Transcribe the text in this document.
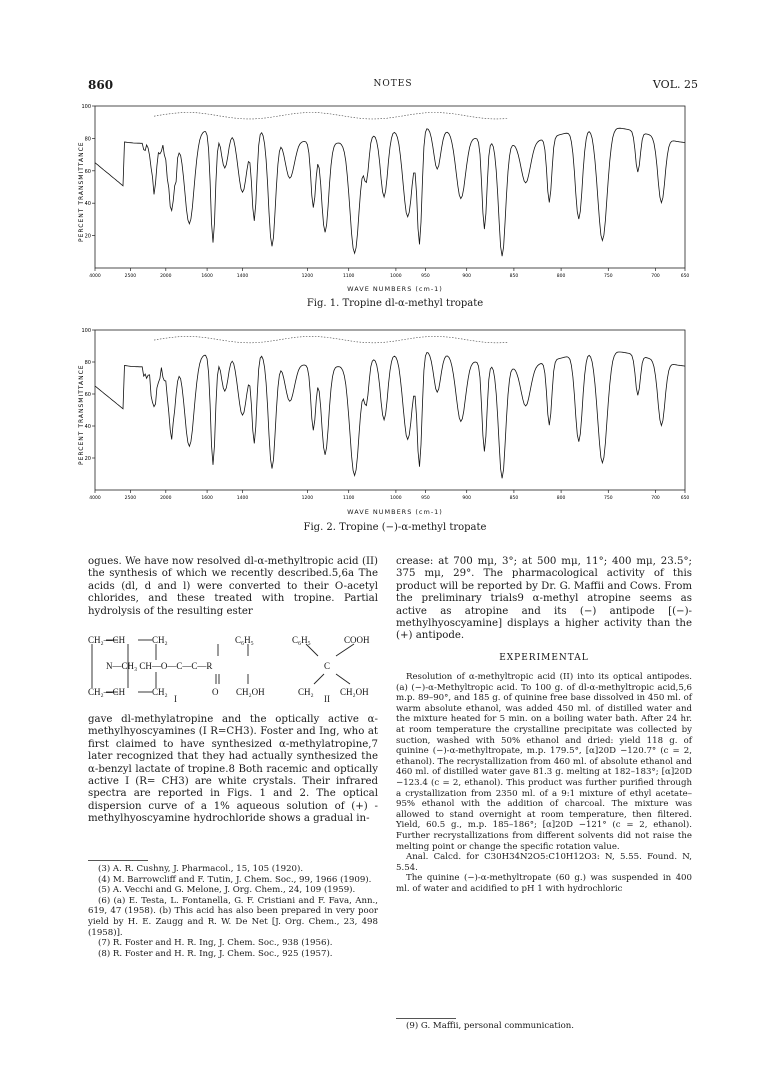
860	NOTES	VOL. 25
100
80
60
40
20
PERCENT TRANSMITTANCE
4000	2500	2000	1600	1400	1200	1100	1000	950	900	850	800	750	700	650
WAVE NUMBERS (cm-1)
Fig. 1. Tropine dl-α-methyl tropate
100
80
60
40
20
PERCENT TRANSMITTANCE
4000	2500	2000	1600	1400	1200	1100	1000	950	900	850	800	750	700	650
WAVE NUMBERS (cm-1)
Fig. 2. Tropine (−)-α-methyl tropate

ogues. We have now resolved dl-α-methyltropic acid (II) the synthesis of which we recently described.5,6a The acids (dl, d and l) were converted to their O-acetyl chlorides, and these treated with tropine. Partial hydrolysis of the resulting ester

CH₂—CH	CH₂	C₆H₅	C₆H₅	COOH
N—CH₃ CH—O—C—C—R	C
CH₂—CH	CH₂	O CH₂OH	CH₂	CH₂OH
I	II

gave dl-methylatropine and the optically active α-methylhyoscyamines (I R=CH3). Foster and Ing, who at first claimed to have synthesized α-methylatropine,7 later recognized that they had actually synthesized the α-benzyl lactate of tropine.8 Both racemic and optically active I (R= CH3) are white crystals. Their infrared spectra are reported in Figs. 1 and 2. The optical dispersion curve of a 1% aqueous solution of (+) - methylhyoscyamine hydrochloride shows a gradual in-

(3) A. R. Cushny, J. Pharmacol., 15, 105 (1920).

(4) M. Barrowcliff and F. Tutin, J. Chem. Soc., 99, 1966 (1909).

(5) A. Vecchi and G. Melone, J. Org. Chem., 24, 109 (1959).

(6) (a) E. Testa, L. Fontanella, G. F. Cristiani and F. Fava, Ann., 619, 47 (1958). (b) This acid has also been prepared in very poor yield by H. E. Zaugg and R. W. De Net [J. Org. Chem., 23, 498 (1958)].

(7) R. Foster and H. R. Ing, J. Chem. Soc., 938 (1956).

(8) R. Foster and H. R. Ing, J. Chem. Soc., 925 (1957).

crease: at 700 mμ, 3°; at 500 mμ, 11°; 400 mμ, 23.5°; 375 mμ, 29°. The pharmacological activity of this product will be reported by Dr. G. Maffii and Cows. From the preliminary trials9 α-methyl atropine seems as active as atropine and its (−) antipode [(−)-methylhyoscyamine] displays a higher activity than the (+) antipode.

EXPERIMENTAL

Resolution of α-methyltropic acid (II) into its optical antipodes. (a) (−)-α-Methyltropic acid. To 100 g. of dl-α-methyltropic acid,5,6 m.p. 89–90°, and 185 g. of quinine free base dissolved in 450 ml. of warm absolute ethanol, was added 450 ml. of distilled water and the mixture heated for 5 min. on a boiling water bath. After 24 hr. at room temperature the crystalline precipitate was collected by suction, washed with 50% ethanol and dried: yield 118 g. of quinine (−)-α-methyltropate, m.p. 179.5°, [α]20D −120.7° (c = 2, ethanol). The recrystallization from 460 ml. of absolute ethanol and 460 ml. of distilled water gave 81.3 g. melting at 182–183°; [α]20D −123.4 (c = 2, ethanol). This product was further purified through a crystallization from 2350 ml. of a 9:1 mixture of ethyl acetate–95% ethanol with the addition of charcoal. The mixture was allowed to stand overnight at room temperature, then filtered. Yield, 60.5 g., m.p. 185–186°; [α]20D −121° (c = 2, ethanol). Further recrystallizations from different solvents did not raise the melting point or change the specific rotation value.

Anal. Calcd. for C30H34N2O5:C10H12O3: N, 5.55. Found. N, 5.54.

The quinine (−)-α-methyltropate (60 g.) was suspended in 400 ml. of water and acidified to pH 1 with hydrochloric

(9) G. Maffii, personal communication.
